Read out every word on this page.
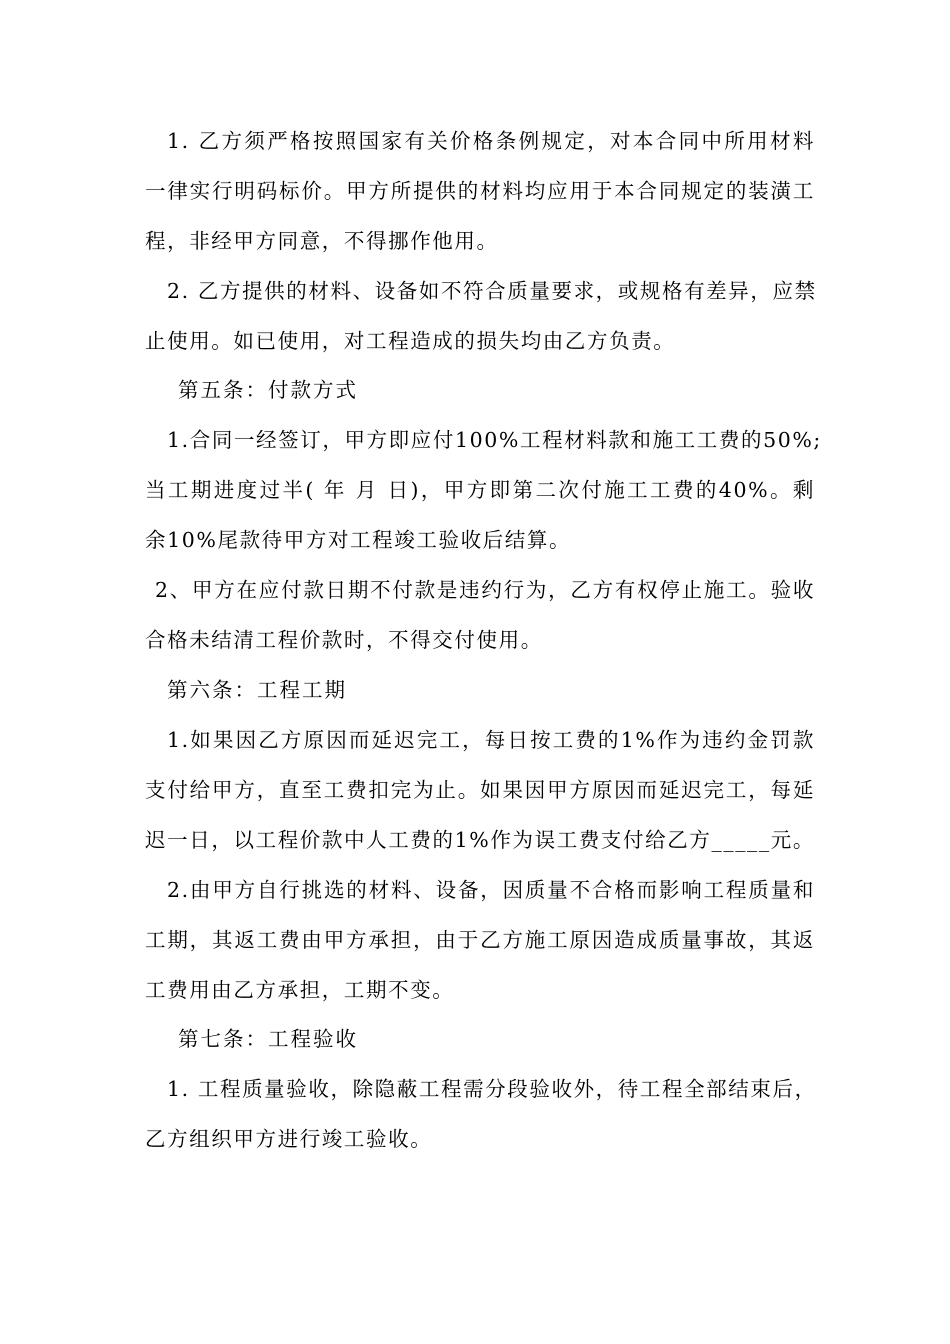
1. 乙方须严格按照国家有关价格条例规定，对本合同中所用材料
一律实行明码标价。甲方所提供的材料均应用于本合同规定的装潢工
程，非经甲方同意，不得挪作他用。
2. 乙方提供的材料、设备如不符合质量要求，或规格有差异，应禁
止使用。如已使用，对工程造成的损失均由乙方负责。
第五条：付款方式
1.合同一经签订，甲方即应付100%工程材料款和施工工费的50%;
当工期进度过半( 年 月 日)，甲方即第二次付施工工费的40%。剩
余10%尾款待甲方对工程竣工验收后结算。
2、甲方在应付款日期不付款是违约行为，乙方有权停止施工。验收
合格未结清工程价款时，不得交付使用。
第六条：工程工期
1.如果因乙方原因而延迟完工，每日按工费的1%作为违约金罚款
支付给甲方，直至工费扣完为止。如果因甲方原因而延迟完工，每延
迟一日，以工程价款中人工费的1%作为误工费支付给乙方_____元。
2.由甲方自行挑选的材料、设备，因质量不合格而影响工程质量和
工期，其返工费由甲方承担，由于乙方施工原因造成质量事故，其返
工费用由乙方承担，工期不变。
第七条：工程验收
1. 工程质量验收，除隐蔽工程需分段验收外，待工程全部结束后，
乙方组织甲方进行竣工验收。
